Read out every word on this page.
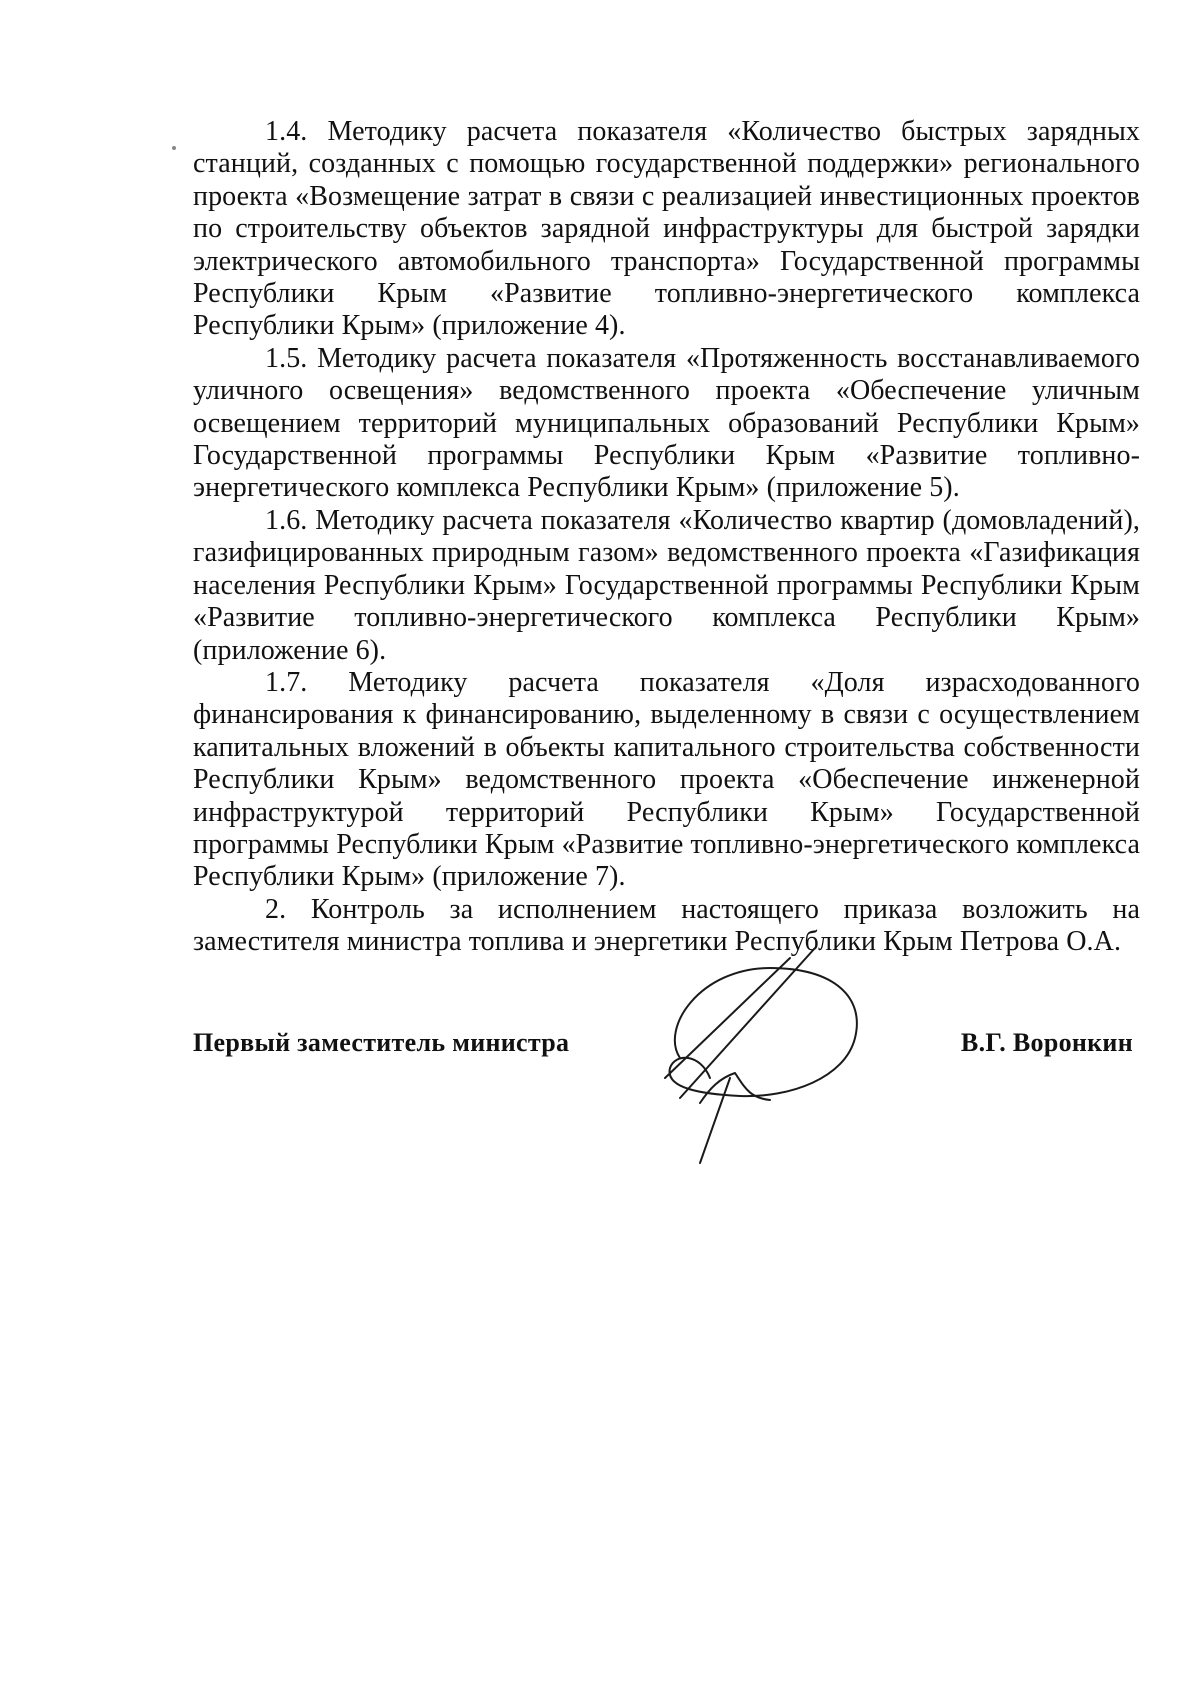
1.4. Методику расчета показателя «Количество быстрых зарядных станций, созданных с помощью государственной поддержки» регионального проекта «Возмещение затрат в связи с реализацией инвестиционных проектов по строительству объектов зарядной инфраструктуры для быстрой зарядки электрического автомобильного транспорта» Государственной программы Республики Крым «Развитие топливно-энергетического комплекса Республики Крым» (приложение 4).

1.5. Методику расчета показателя «Протяженность восстанавливаемого уличного освещения» ведомственного проекта «Обеспечение уличным освещением территорий муниципальных образований Республики Крым» Государственной программы Республики Крым «Развитие топливно-энергетического комплекса Республики Крым» (приложение 5).

1.6. Методику расчета показателя «Количество квартир (домовладений), газифицированных природным газом» ведомственного проекта «Газификация населения Республики Крым» Государственной программы Республики Крым «Развитие топливно-энергетического комплекса Республики Крым» (приложение 6).

1.7. Методику расчета показателя «Доля израсходованного финансирования к финансированию, выделенному в связи с осуществлением капитальных вложений в объекты капитального строительства собственности Республики Крым» ведомственного проекта «Обеспечение инженерной инфраструктурой территорий Республики Крым» Государственной программы Республики Крым «Развитие топливно-энергетического комплекса Республики Крым» (приложение 7).

2. Контроль за исполнением настоящего приказа возложить на заместителя министра топлива и энергетики Республики Крым Петрова О.А.

Первый заместитель министра	В.Г. Воронкин
